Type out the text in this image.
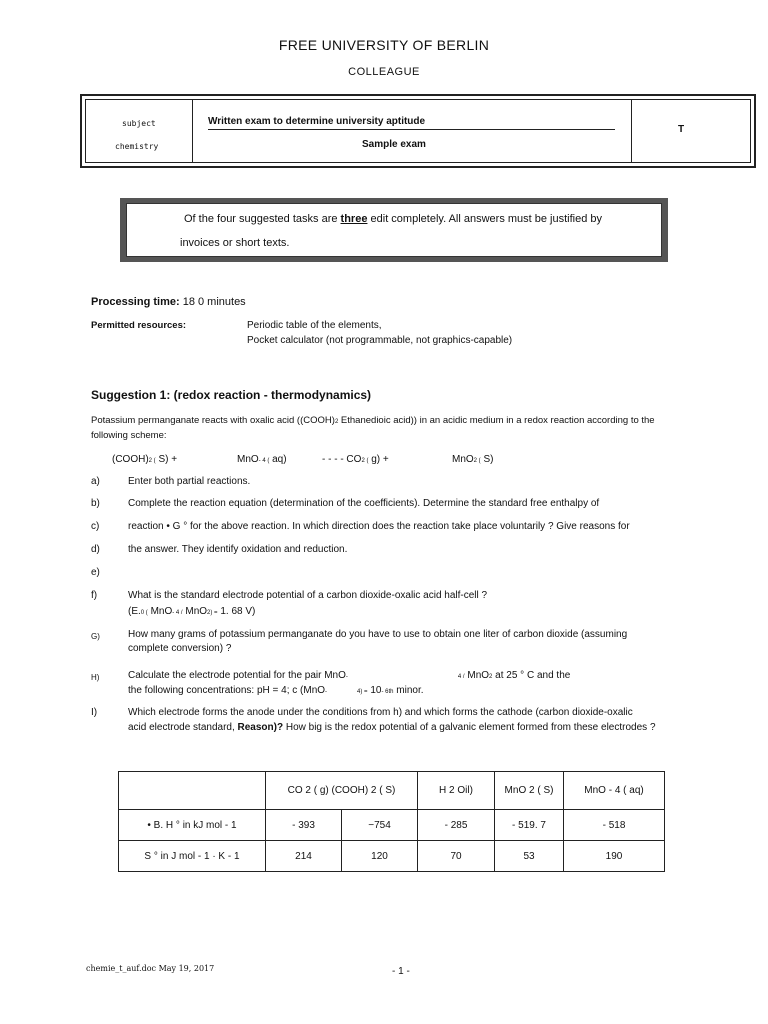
FREE UNIVERSITY OF BERLIN
COLLEAGUE
subject
chemistry
Written exam to determine university aptitude
Sample exam
T
Of the four suggested tasks are three edit completely. All answers must be justified by
invoices or short texts.
Processing time: 18 0 minutes
Permitted resources:	Periodic table of the elements,
Pocket calculator (not programmable, not graphics-capable)
Suggestion 1: (redox reaction - thermodynamics)
Potassium permanganate reacts with oxalic acid ((COOH)2 Ethanedioic acid)) in an acidic medium in a redox reaction according to the
following scheme:
(COOH)2 ( S) +	MnO- 4 ( aq)	- - - - CO2 ( g) +	MnO2 ( S)
a)	Enter both partial reactions.
b)	Complete the reaction equation (determination of the coefficients). Determine the standard free enthalpy of
c)	reaction • G ° for the above reaction. In which direction does the reaction take place voluntarily ? Give reasons for
d)	the answer. They identify oxidation and reduction.
e)
f)	What is the standard electrode potential of a carbon dioxide-oxalic acid half-cell ?
(E.0 ( MnO- 4 / MnO2) = 1. 68 V)
G)	How many grams of potassium permanganate do you have to use to obtain one liter of carbon dioxide (assuming
complete conversion) ?
H)	Calculate the electrode potential for the pair MnO-	4 / MnO2 at 25 ° C and the
the following concentrations: pH = 4; c (MnO-	4) = 10- 6th minor.
I)	Which electrode forms the anode under the conditions from h) and which forms the cathode (carbon dioxide-oxalic
acid electrode standard, Reason)? How big is the redox potential of a galvanic element formed from these electrodes ?
	CO 2 ( g) (COOH) 2 ( S)		H 2 Oil)	MnO 2 ( S)	MnO - 4 ( aq)
• B. H ° in kJ mol - 1	- 393	−754	- 285	- 519. 7	- 518
S ° in J mol - 1 · K - 1	214	120	70	53	190
chemie_t_auf.doc May 19, 2017	- 1 -
